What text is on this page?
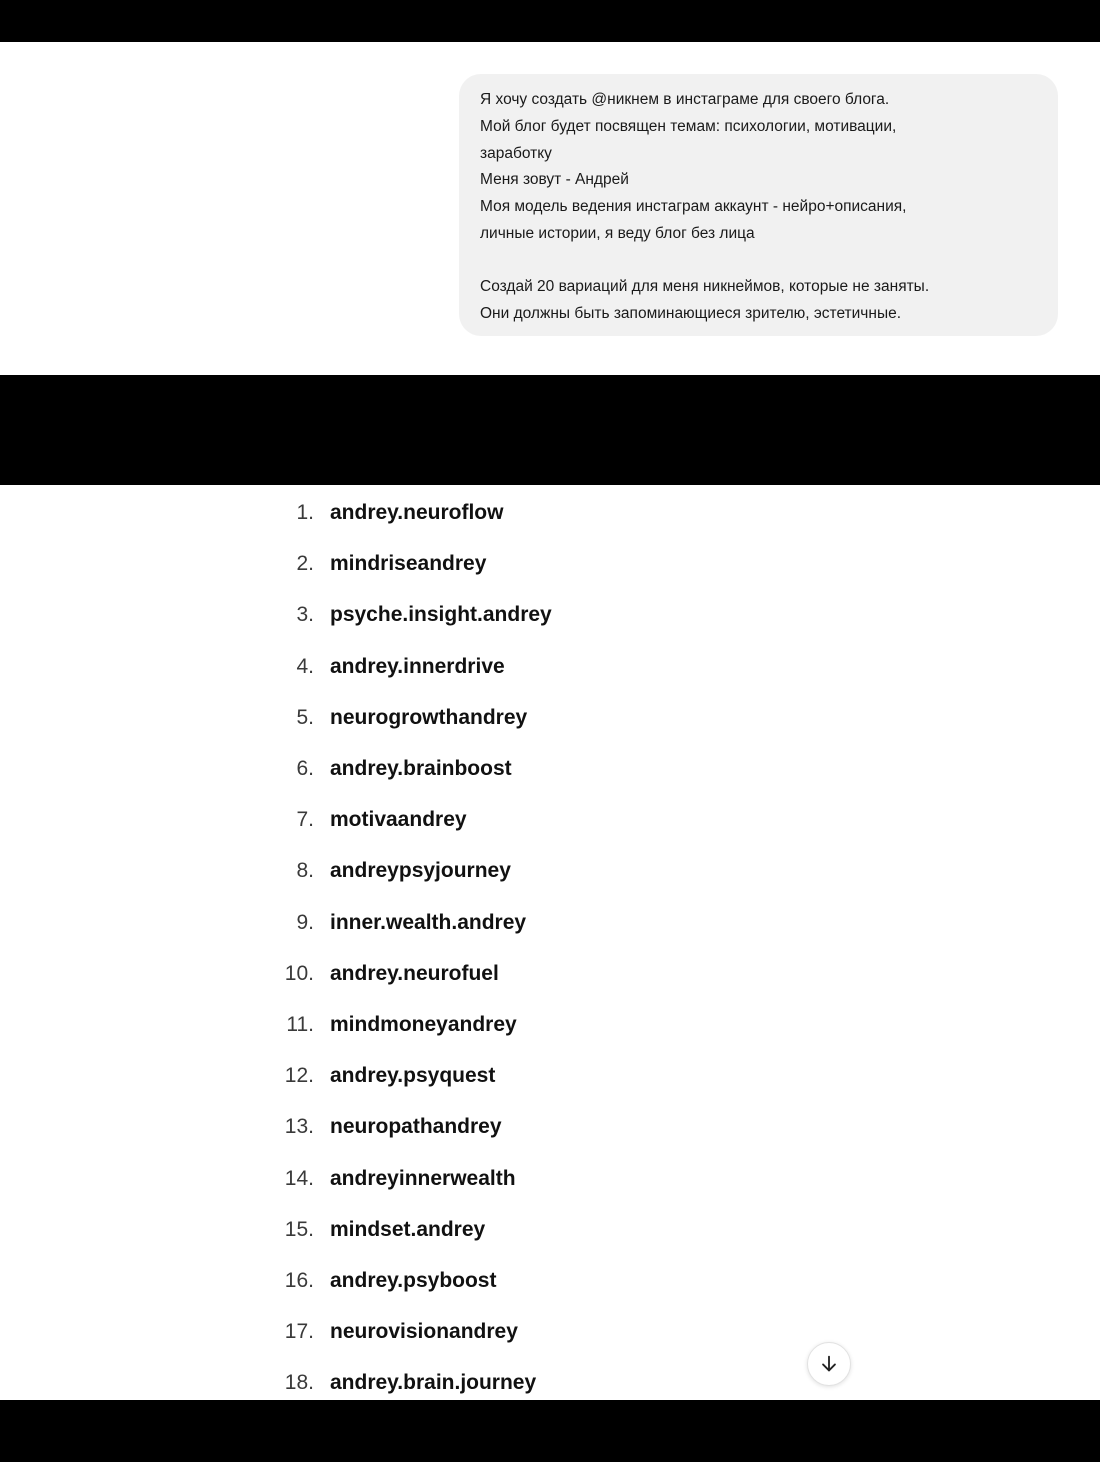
Я хочу создать @никнем в инстаграме для своего блога.

Мой блог будет посвящен темам: психологии, мотивации,

заработку

Меня зовут - Андрей

Моя модель ведения инстаграм аккаунт - нейро+описания,

личные истории, я веду блог без лица

Создай 20 вариаций для меня никнеймов, которые не заняты.

Они должны быть запоминающиеся зрителю, эстетичные.

1. andrey.neuroflow
2. mindriseandrey
3. psyche.insight.andrey
4. andrey.innerdrive
5. neurogrowthandrey
6. andrey.brainboost
7. motivaandrey
8. andreypsyjourney
9. inner.wealth.andrey
10. andrey.neurofuel
11. mindmoneyandrey
12. andrey.psyquest
13. neuropathandrey
14. andreyinnerwealth
15. mindset.andrey
16. andrey.psyboost
17. neurovisionandrey
18. andrey.brain.journey
